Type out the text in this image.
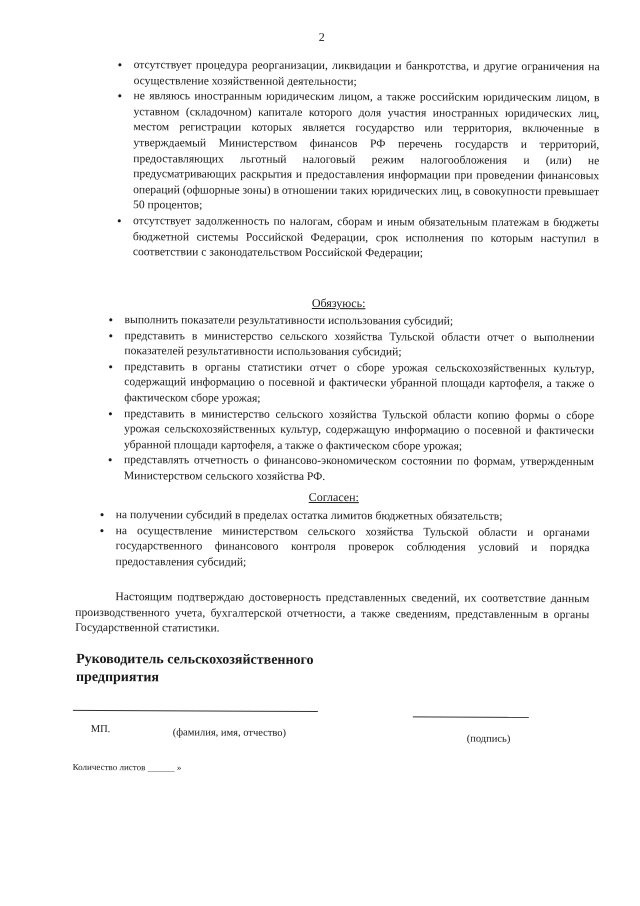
2
• отсутствует процедура реорганизации, ликвидации и банкротства, и другие ограничения на осуществление хозяйственной деятельности;
• не являюсь иностранным юридическим лицом, а также российским юридическим лицом, в уставном (складочном) капитале которого доля участия иностранных юридических лиц, местом регистрации которых является государство или территория, включенные в утверждаемый Министерством финансов РФ перечень государств и территорий, предоставляющих льготный налоговый режим налогообложения и (или) не предусматривающих раскрытия и предоставления информации при проведении финансовых операций (офшорные зоны) в отношении таких юридических лиц, в совокупности превышает 50 процентов;
• отсутствует задолженность по налогам, сборам и иным обязательным платежам в бюджеты бюджетной системы Российской Федерации, срок исполнения по которым наступил в соответствии с законодательством Российской Федерации;
Обязуюсь:
• выполнить показатели результативности использования субсидий;
• представить в министерство сельского хозяйства Тульской области отчет о выполнении показателей результативности использования субсидий;
• представить в органы статистики отчет о сборе урожая сельскохозяйственных культур, содержащий информацию о посевной и фактически убранной площади картофеля, а также о фактическом сборе урожая;
• представить в министерство сельского хозяйства Тульской области копию формы о сборе урожая сельскохозяйственных культур, содержащую информацию о посевной и фактически убранной площади картофеля, а также о фактическом сборе урожая;
• представлять отчетность о финансово-экономическом состоянии по формам, утвержденным Министерством сельского хозяйства РФ.
Согласен:
• на получении субсидий в пределах остатка лимитов бюджетных обязательств;
• на осуществление министерством сельского хозяйства Тульской области и органами государственного финансового контроля проверок соблюдения условий и порядка предоставления субсидий;
Настоящим подтверждаю достоверность представленных сведений, их соответствие данным производственного учета, бухгалтерской отчетности, а также сведениям, представленным в органы Государственной статистики.
Руководитель сельскохозяйственного предприятия
МП.	(фамилия, имя, отчество)
(подпись)
Количество листов ______ »
